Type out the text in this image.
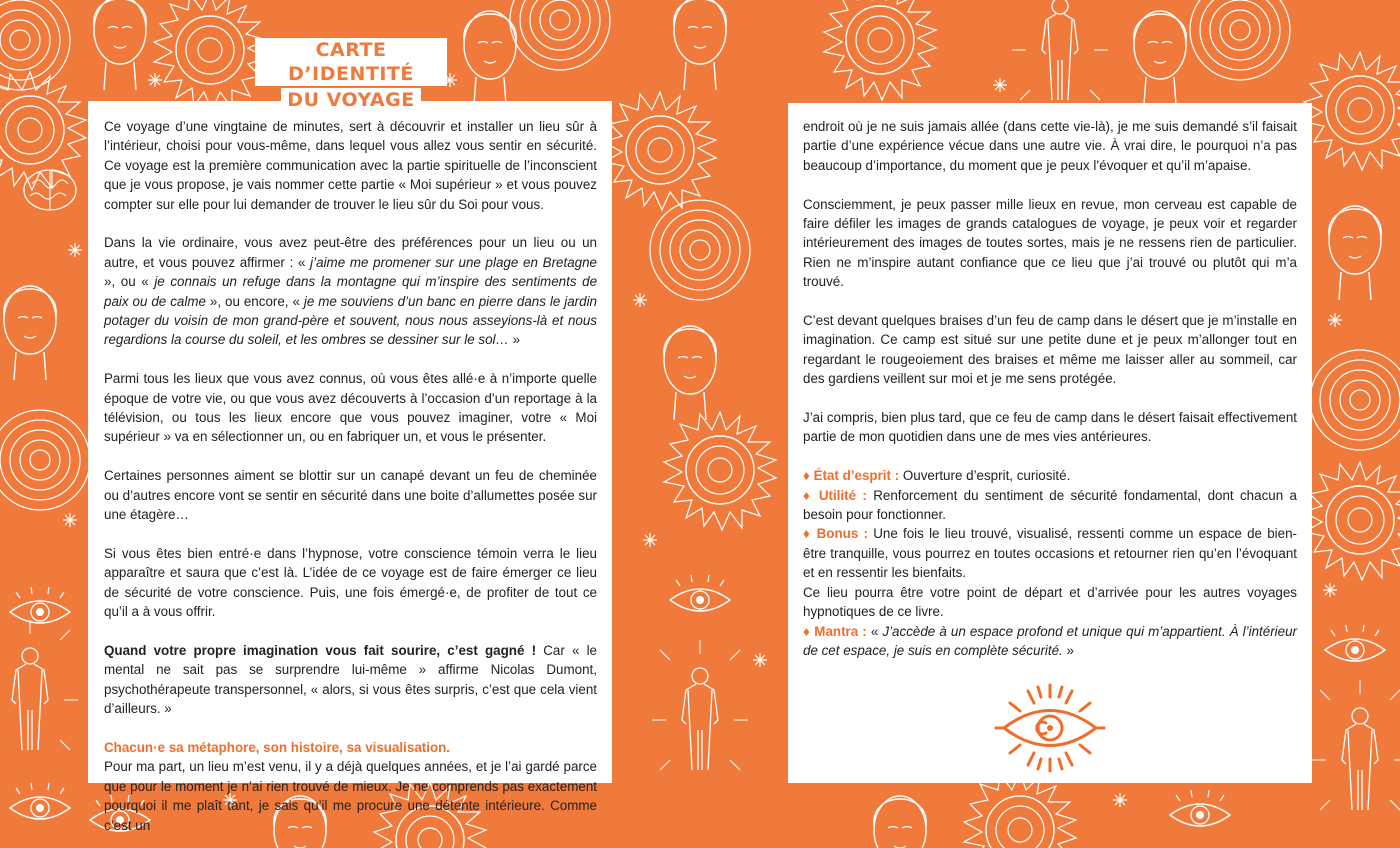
CARTE D’IDENTITÉ
DU VOYAGE

Ce voyage d’une vingtaine de minutes, sert à découvrir et installer un lieu sûr à l’intérieur, choisi pour vous-même, dans lequel vous allez vous sentir en sécurité. Ce voyage est la première communication avec la partie spirituelle de l’inconscient que je vous propose, je vais nommer cette partie « Moi supérieur » et vous pouvez compter sur elle pour lui demander de trouver le lieu sûr du Soi pour vous.

Dans la vie ordinaire, vous avez peut-être des préférences pour un lieu ou un autre, et vous pouvez affirmer : « j’aime me promener sur une plage en Bretagne », ou « je connais un refuge dans la montagne qui m’inspire des sentiments de paix ou de calme », ou encore, « je me souviens d’un banc en pierre dans le jardin potager du voisin de mon grand-père et souvent, nous nous asseyions-là et nous regardions la course du soleil, et les ombres se dessiner sur le sol… »

Parmi tous les lieux que vous avez connus, où vous êtes allé·e à n’importe quelle époque de votre vie, ou que vous avez découverts à l’occasion d’un reportage à la télévision, ou tous les lieux encore que vous pouvez imaginer, votre « Moi supérieur » va en sélectionner un, ou en fabriquer un, et vous le présenter.

Certaines personnes aiment se blottir sur un canapé devant un feu de cheminée ou d’autres encore vont se sentir en sécurité dans une boite d’allumettes posée sur une étagère…

Si vous êtes bien entré·e dans l’hypnose, votre conscience témoin verra le lieu apparaître et saura que c’est là. L’idée de ce voyage est de faire émerger ce lieu de sécurité de votre conscience. Puis, une fois émergé·e, de profiter de tout ce qu’il a à vous offrir.

Quand votre propre imagination vous fait sourire, c’est gagné ! Car « le mental ne sait pas se surprendre lui-même » affirme Nicolas Dumont, psychothérapeute transpersonnel, « alors, si vous êtes surpris, c’est que cela vient d’ailleurs. »

Chacun·e sa métaphore, son histoire, sa visualisation.

Pour ma part, un lieu m’est venu, il y a déjà quelques années, et je l’ai gardé parce que pour le moment je n’ai rien trouvé de mieux. Je ne comprends pas exactement pourquoi il me plaît tant, je sais qu’il me procure une détente intérieure. Comme c’est un

endroit où je ne suis jamais allée (dans cette vie-là), je me suis demandé s’il faisait partie d’une expérience vécue dans une autre vie. À vrai dire, le pourquoi n’a pas beaucoup d’importance, du moment que je peux l’évoquer et qu’il m’apaise.

Consciemment, je peux passer mille lieux en revue, mon cerveau est capable de faire défiler les images de grands catalogues de voyage, je peux voir et regarder intérieurement des images de toutes sortes, mais je ne ressens rien de particulier. Rien ne m’inspire autant confiance que ce lieu que j’ai trouvé ou plutôt qui m’a trouvé.

C’est devant quelques braises d’un feu de camp dans le désert que je m’installe en imagination. Ce camp est situé sur une petite dune et je peux m’allonger tout en regardant le rougeoiement des braises et même me laisser aller au sommeil, car des gardiens veillent sur moi et je me sens protégée.

J’ai compris, bien plus tard, que ce feu de camp dans le désert faisait effectivement partie de mon quotidien dans une de mes vies antérieures.

♦ État d’esprit : Ouverture d’esprit, curiosité.

♦ Utilité : Renforcement du sentiment de sécurité fondamental, dont chacun a besoin pour fonctionner.

♦ Bonus : Une fois le lieu trouvé, visualisé, ressenti comme un espace de bien-être tranquille, vous pourrez en toutes occasions et retourner rien qu’en l’évoquant et en ressentir les bienfaits.

Ce lieu pourra être votre point de départ et d’arrivée pour les autres voyages hypnotiques de ce livre.

♦ Mantra : « J’accède à un espace profond et unique qui m’appartient. À l’intérieur de cet espace, je suis en complète sécurité. »
